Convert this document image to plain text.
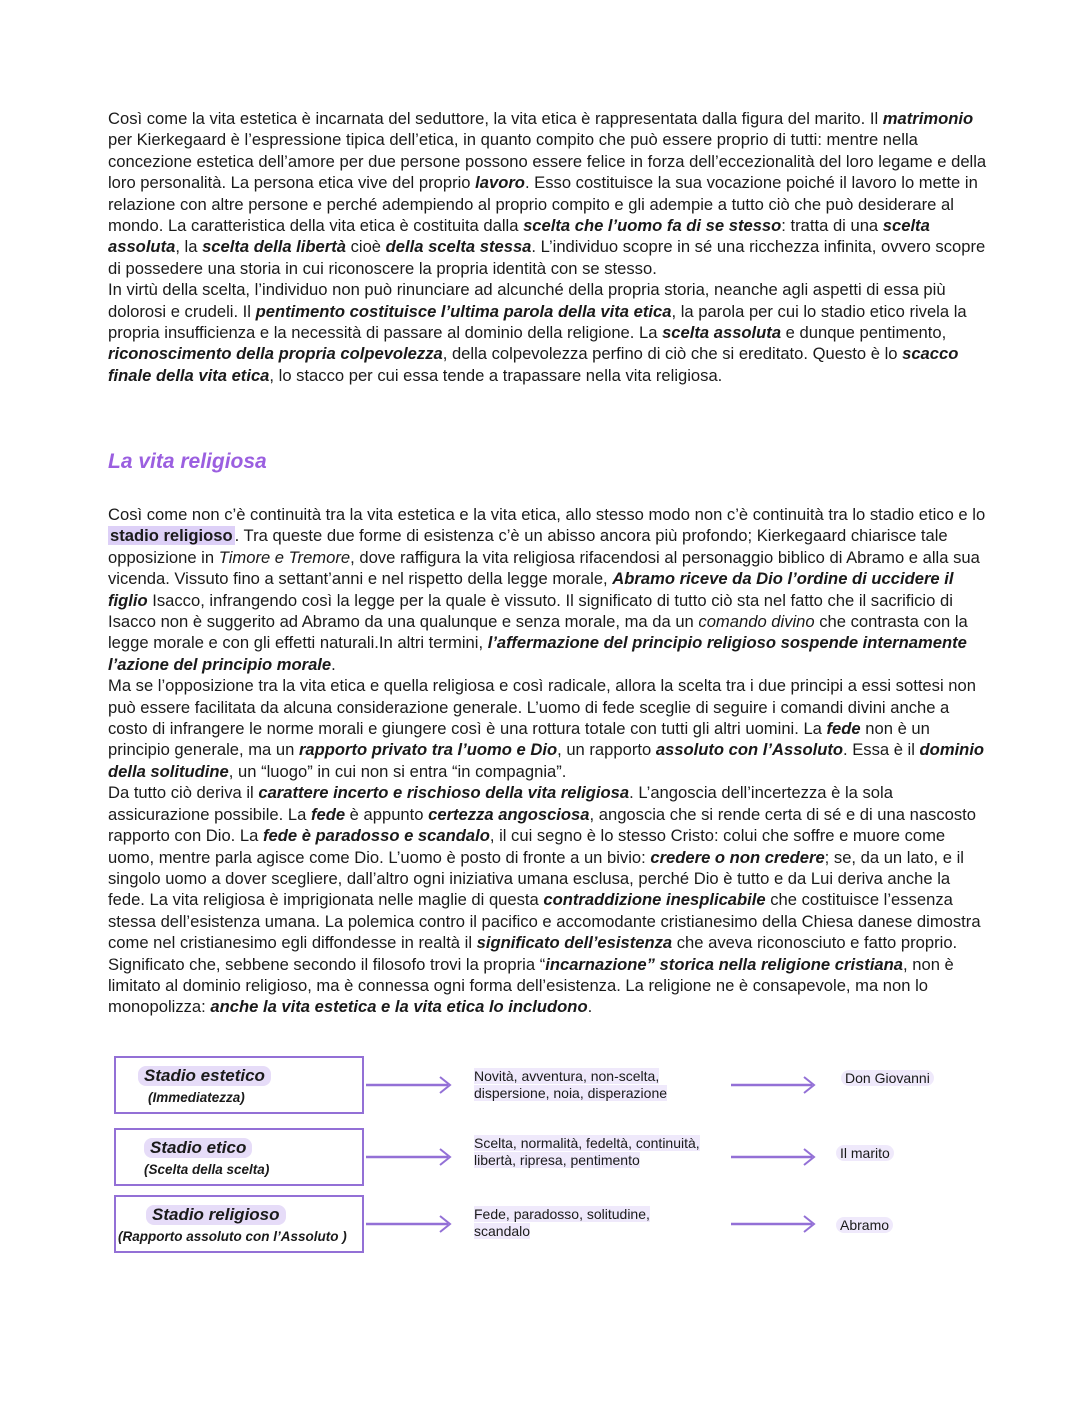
Così come la vita estetica è incarnata del seduttore, la vita etica è rappresentata dalla figura del marito. Il matrimonio per Kierkegaard è l’espressione tipica dell’etica, in quanto compito che può essere proprio di tutti: mentre nella concezione estetica dell’amore per due persone possono essere felice in forza dell’eccezionalità del loro legame e della loro personalità. La persona etica vive del proprio lavoro. Esso costituisce la sua vocazione poiché il lavoro lo mette in relazione con altre persone e perché adempiendo al proprio compito e gli adempie a tutto ciò che può desiderare al mondo. La caratteristica della vita etica è costituita dalla scelta che l’uomo fa di se stesso: tratta di una scelta assoluta, la scelta della libertà cioè della scelta stessa. L’individuo scopre in sé una ricchezza infinita, ovvero scopre di possedere una storia in cui riconoscere la propria identità con se stesso.
In virtù della scelta, l’individuo non può rinunciare ad alcunché della propria storia, neanche agli aspetti di essa più dolorosi e crudeli. Il pentimento costituisce l’ultima parola della vita etica, la parola per cui lo stadio etico rivela la propria insufficienza e la necessità di passare al dominio della religione. La scelta assoluta e dunque pentimento, riconoscimento della propria colpevolezza, della colpevolezza perfino di ciò che si ereditato. Questo è lo scacco finale della vita etica, lo stacco per cui essa tende a trapassare nella vita religiosa.

La vita religiosa

Così come non c’è continuità tra la vita estetica e la vita etica, allo stesso modo non c’è continuità tra lo stadio etico e lo stadio religioso . Tra queste due forme di esistenza c’è un abisso ancora più profondo; Kierkegaard chiarisce tale opposizione in Timore e Tremore, dove raffigura la vita religiosa rifacendosi al personaggio biblico di Abramo e alla sua vicenda. Vissuto fino a settant’anni e nel rispetto della legge morale, Abramo riceve da Dio l’ordine di uccidere il figlio Isacco, infrangendo così la legge per la quale è vissuto. Il significato di tutto ciò sta nel fatto che il sacrificio di Isacco non è suggerito ad Abramo da una qualunque e senza morale, ma da un comando divino che contrasta con la legge morale e con gli effetti naturali.In altri termini, l’affermazione del principio religioso sospende internamente l’azione del principio morale.
Ma se l’opposizione tra la vita etica e quella religiosa e così radicale, allora la scelta tra i due principi a essi sottesi non può essere facilitata da alcuna considerazione generale. L’uomo di fede sceglie di seguire i comandi divini anche a costo di infrangere le norme morali e giungere così è una rottura totale con tutti gli altri uomini. La fede non è un principio generale, ma un rapporto privato tra l’uomo e Dio, un rapporto assoluto con l’Assoluto. Essa è il dominio della solitudine, un “luogo” in cui non si entra “in compagnia”.
Da tutto ciò deriva il carattere incerto e rischioso della vita religiosa. L’angoscia dell’incertezza è la sola assicurazione possibile. La fede è appunto certezza angosciosa, angoscia che si rende certa di sé e di una nascosto rapporto con Dio. La fede è paradosso e scandalo, il cui segno è lo stesso Cristo: colui che soffre e muore come uomo, mentre parla agisce come Dio. L’uomo è posto di fronte a un bivio: credere o non credere; se, da un lato, e il singolo uomo a dover scegliere, dall’altro ogni iniziativa umana esclusa, perché Dio è tutto e da Lui deriva anche la fede. La vita religiosa è imprigionata nelle maglie di questa contraddizione inesplicabile che costituisce l’essenza stessa dell’esistenza umana. La polemica contro il pacifico e accomodante cristianesimo della Chiesa danese dimostra come nel cristianesimo egli diffondesse in realtà il significato dell’esistenza che aveva riconosciuto e fatto proprio. Significato che, sebbene secondo il filosofo trovi la propria “incarnazione” storica nella religione cristiana, non è limitato al dominio religioso, ma è connessa ogni forma dell’esistenza. La religione ne è consapevole, ma non lo monopolizza: anche la vita estetica e la vita etica lo includono.

Stadio estetico
(Immediatezza)
Novità, avventura, non-scelta,
dispersione, noia, disperazione
Don Giovanni
Stadio etico
(Scelta della scelta)
Scelta, normalità, fedeltà, continuità,
libertà, ripresa, pentimento	Il marito
Stadio religioso
(Rapporto assoluto con l’Assoluto )
Fede, paradosso, solitudine,
scandalo	Abramo
